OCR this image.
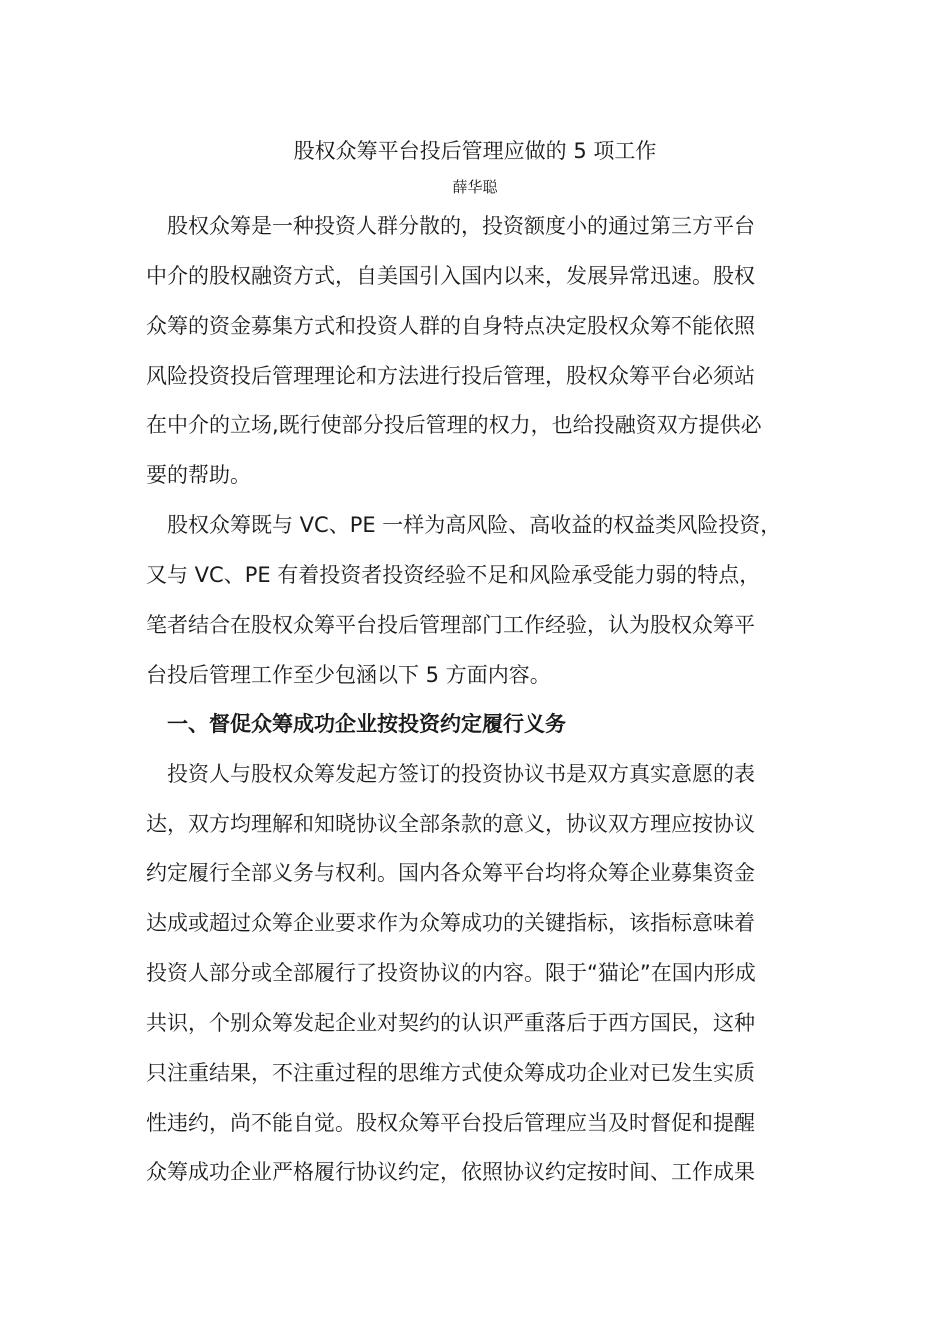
股权众筹平台投后管理应做的 5 项工作
薛华聪
　股权众筹是一种投资人群分散的，投资额度小的通过第三方平台
中介的股权融资方式，自美国引入国内以来，发展异常迅速。股权
众筹的资金募集方式和投资人群的自身特点决定股权众筹不能依照
风险投资投后管理理论和方法进行投后管理，股权众筹平台必须站
在中介的立场,既行使部分投后管理的权力，也给投融资双方提供必
要的帮助。
　股权众筹既与 VC、PE 一样为高风险、高收益的权益类风险投资，
又与 VC、PE 有着投资者投资经验不足和风险承受能力弱的特点，
笔者结合在股权众筹平台投后管理部门工作经验，认为股权众筹平
台投后管理工作至少包涵以下 5 方面内容。
　一、督促众筹成功企业按投资约定履行义务
　投资人与股权众筹发起方签订的投资协议书是双方真实意愿的表
达，双方均理解和知晓协议全部条款的意义，协议双方理应按协议
约定履行全部义务与权利。国内各众筹平台均将众筹企业募集资金
达成或超过众筹企业要求作为众筹成功的关键指标，该指标意味着
投资人部分或全部履行了投资协议的内容。限于“猫论”在国内形成
共识，个别众筹发起企业对契约的认识严重落后于西方国民，这种
只注重结果，不注重过程的思维方式使众筹成功企业对已发生实质
性违约，尚不能自觉。股权众筹平台投后管理应当及时督促和提醒
众筹成功企业严格履行协议约定，依照协议约定按时间、工作成果
